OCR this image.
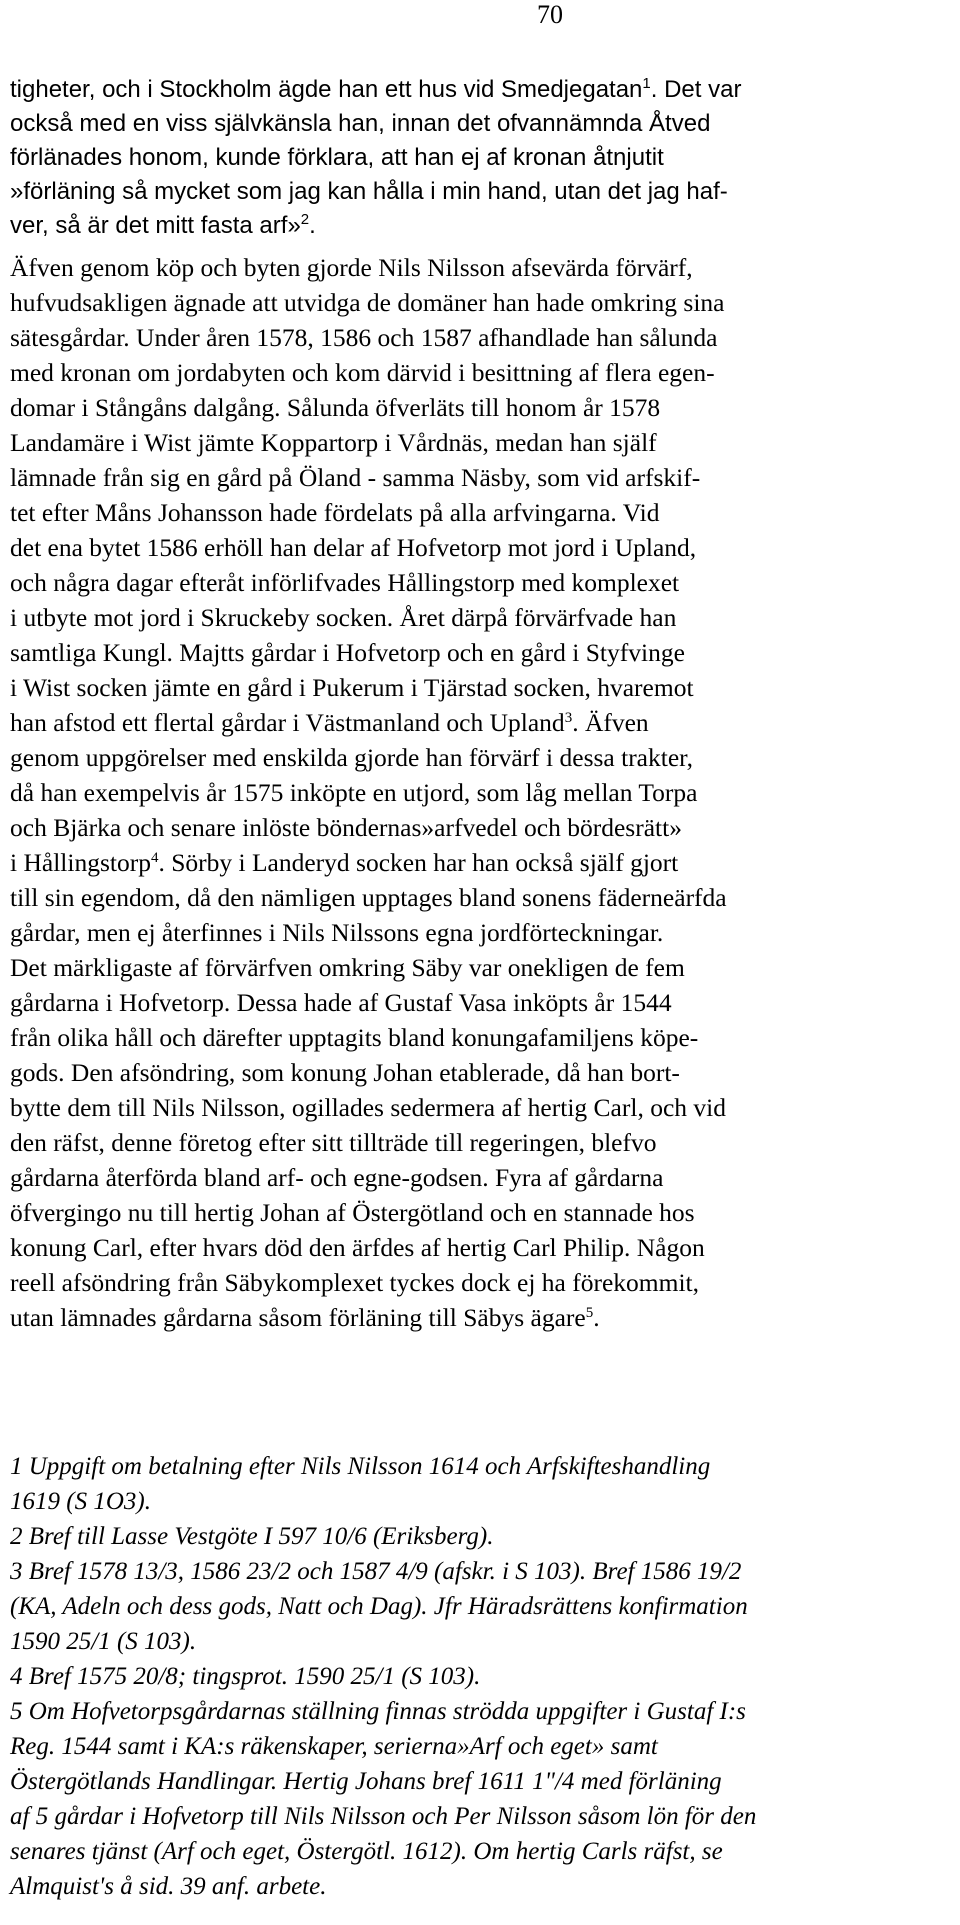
70
tigheter, och i Stockholm ägde han ett hus vid Smedjegatan$^1$. Det var
också med en viss självkänsla han, innan det ofvannämnda Åtved
förlänades honom, kunde förklara, att han ej af kronan åtnjutit
»förläning så mycket som jag kan hålla i min hand, utan det jag haf-
ver, så är det mitt fasta arf»$^2$.
Äfven genom köp och byten gjorde Nils Nilsson afsevärda förvärf,
hufvudsakligen ägnade att utvidga de domäner han hade omkring sina
sätesgårdar. Under åren 1578, 1586 och 1587 afhandlade han sålunda
med kronan om jordabyten och kom därvid i besittning af flera egen-
domar i Stångåns dalgång. Sålunda öfverläts till honom år 1578
Landamäre i Wist jämte Koppartorp i Vårdnäs, medan han själf
lämnade från sig en gård på Öland - samma Näsby, som vid arfskif-
tet efter Måns Johansson hade fördelats på alla arfvingarna. Vid
det ena bytet 1586 erhöll han delar af Hofvetorp mot jord i Upland,
och några dagar efteråt införlifvades Hållingstorp med komplexet
i utbyte mot jord i Skruckeby socken. Året därpå förvärfvade han
samtliga Kungl. Majtts gårdar i Hofvetorp och en gård i Styfvinge
i Wist socken jämte en gård i Pukerum i Tjärstad socken, hvaremot
han afstod ett flertal gårdar i Västmanland och Upland$^3$. Äfven
genom uppgörelser med enskilda gjorde han förvärf i dessa trakter,
då han exempelvis år 1575 inköpte en utjord, som låg mellan Torpa
och Bjärka och senare inlöste böndernas»arfvedel och bördesrätt»
i Hållingstorp$^4$. Sörby i Landeryd socken har han också själf gjort
till sin egendom, då den nämligen upptages bland sonens fäderneärfda
gårdar, men ej återfinnes i Nils Nilssons egna jordförteckningar.
Det märkligaste af förvärfven omkring Säby var onekligen de fem
gårdarna i Hofvetorp. Dessa hade af Gustaf Vasa inköpts år 1544
från olika håll och därefter upptagits bland konungafamiljens köpe-
gods. Den afsöndring, som konung Johan etablerade, då han bort-
bytte dem till Nils Nilsson, ogillades sedermera af hertig Carl, och vid
den räfst, denne företog efter sitt tillträde till regeringen, blefvo
gårdarna återförda bland arf- och egne-godsen. Fyra af gårdarna
öfvergingo nu till hertig Johan af Östergötland och en stannade hos
konung Carl, efter hvars död den ärfdes af hertig Carl Philip. Någon
reell afsöndring från Säbykomplexet tyckes dock ej ha förekommit,
utan lämnades gårdarna såsom förläning till Säbys ägare$^5$.
1 Uppgift om betalning efter Nils Nilsson 1614 och Arfskifteshandling
1619 (S 1O3).
2 Bref till Lasse Vestgöte I 597 10/6 (Eriksberg).
3 Bref 1578 13/3, 1586 23/2 och 1587 4/9 (afskr. i S 103). Bref 1586 19/2
(KA, Adeln och dess gods, Natt och Dag). Jfr Häradsrättens konfirmation
1590 25/1 (S 103).
4 Bref 1575 20/8; tingsprot. 1590 25/1 (S 103).
5 Om Hofvetorpsgårdarnas ställning finnas strödda uppgifter i Gustaf I:s
Reg. 1544 samt i KA:s räkenskaper, serierna»Arf och eget» samt
Östergötlands Handlingar. Hertig Johans bref 1611 1"/4 med förläning
af 5 gårdar i Hofvetorp till Nils Nilsson och Per Nilsson såsom lön för den
senares tjänst (Arf och eget, Östergötl. 1612). Om hertig Carls räfst, se
Almquist's å sid. 39 anf. arbete.
